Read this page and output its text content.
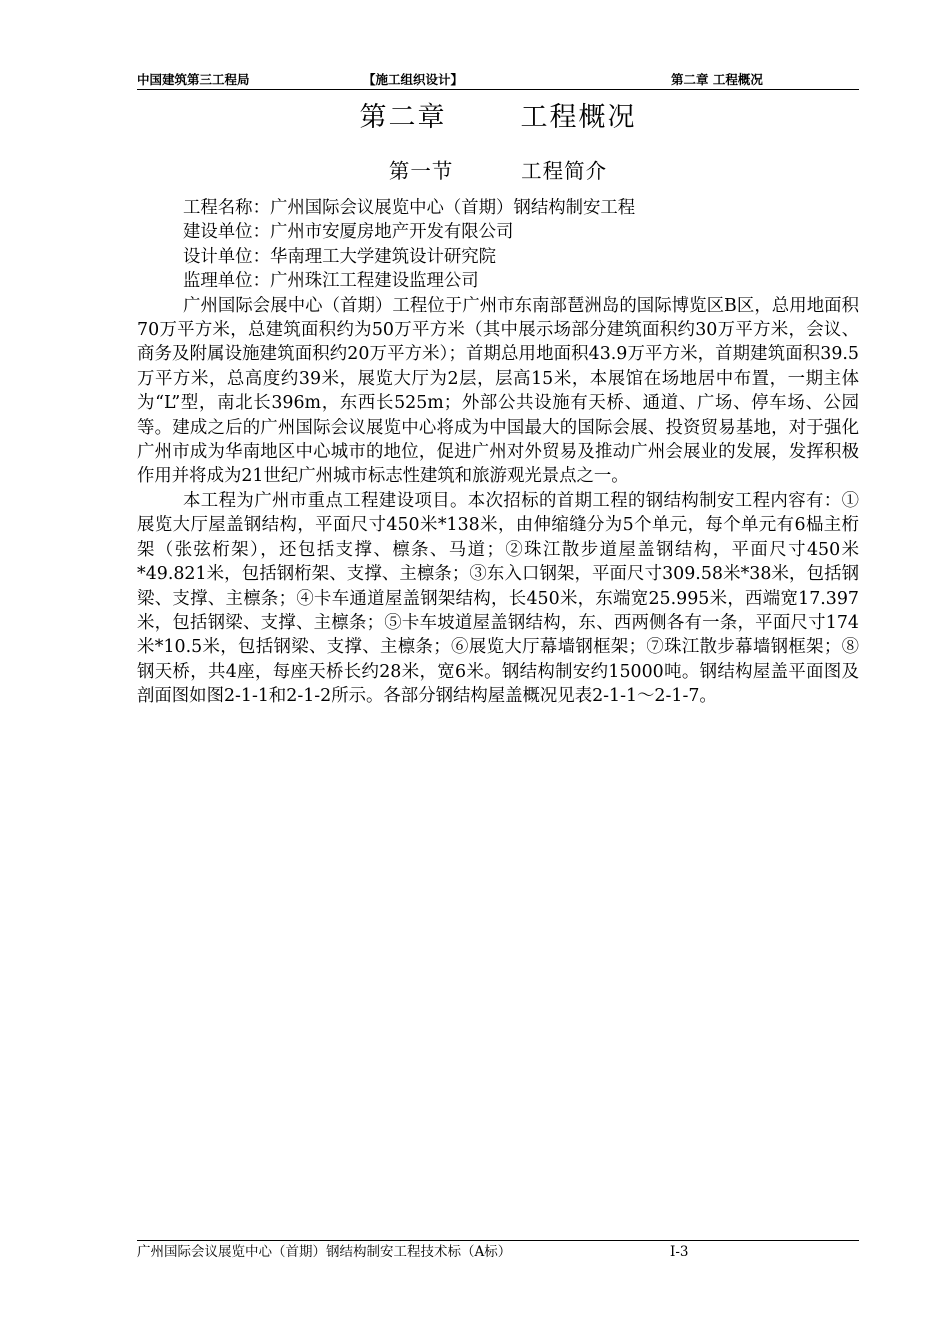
中国建筑第三工程局	【施工组织设计】	第二章 工程概况
第二章       工程概况
第一节         工程简介

工程名称：广州国际会议展览中心（首期）钢结构制安工程

建设单位：广州市安厦房地产开发有限公司

设计单位：华南理工大学建筑设计研究院

监理单位：广州珠江工程建设监理公司

广州国际会展中心（首期）工程位于广州市东南部琶洲岛的国际博览区B区，总用地面积70万平方米，总建筑面积约为50万平方米（其中展示场部分建筑面积约30万平方米，会议、商务及附属设施建筑面积约20万平方米）；首期总用地面积43.9万平方米，首期建筑面积39.5万平方米，总高度约39米，展览大厅为2层，层高15米，本展馆在场地居中布置，一期主体为“L”型，南北长396m，东西长525m；外部公共设施有天桥、通道、广场、停车场、公园等。建成之后的广州国际会议展览中心将成为中国最大的国际会展、投资贸易基地，对于强化广州市成为华南地区中心城市的地位，促进广州对外贸易及推动广州会展业的发展，发挥积极作用并将成为21世纪广州城市标志性建筑和旅游观光景点之一。

本工程为广州市重点工程建设项目。本次招标的首期工程的钢结构制安工程内容有：①展览大厅屋盖钢结构，平面尺寸450米*138米，由伸缩缝分为5个单元，每个单元有6榀主桁架（张弦桁架），还包括支撑、檩条、马道；②珠江散步道屋盖钢结构，平面尺寸450米*49.821米，包括钢桁架、支撑、主檩条；③东入口钢架，平面尺寸309.58米*38米，包括钢梁、支撑、主檩条；④卡车通道屋盖钢架结构，长450米，东端宽25.995米，西端宽17.397米，包括钢梁、支撑、主檩条；⑤卡车坡道屋盖钢结构，东、西两侧各有一条，平面尺寸174米*10.5米，包括钢梁、支撑、主檩条；⑥展览大厅幕墙钢框架；⑦珠江散步幕墙钢框架；⑧钢天桥，共4座，每座天桥长约28米，宽6米。钢结构制安约15000吨。钢结构屋盖平面图及剖面图如图2-1-1和2-1-2所示。各部分钢结构屋盖概况见表2-1-1～2-1-7。

广州国际会议展览中心（首期）钢结构制安工程技术标（A标）	Ⅰ-3
